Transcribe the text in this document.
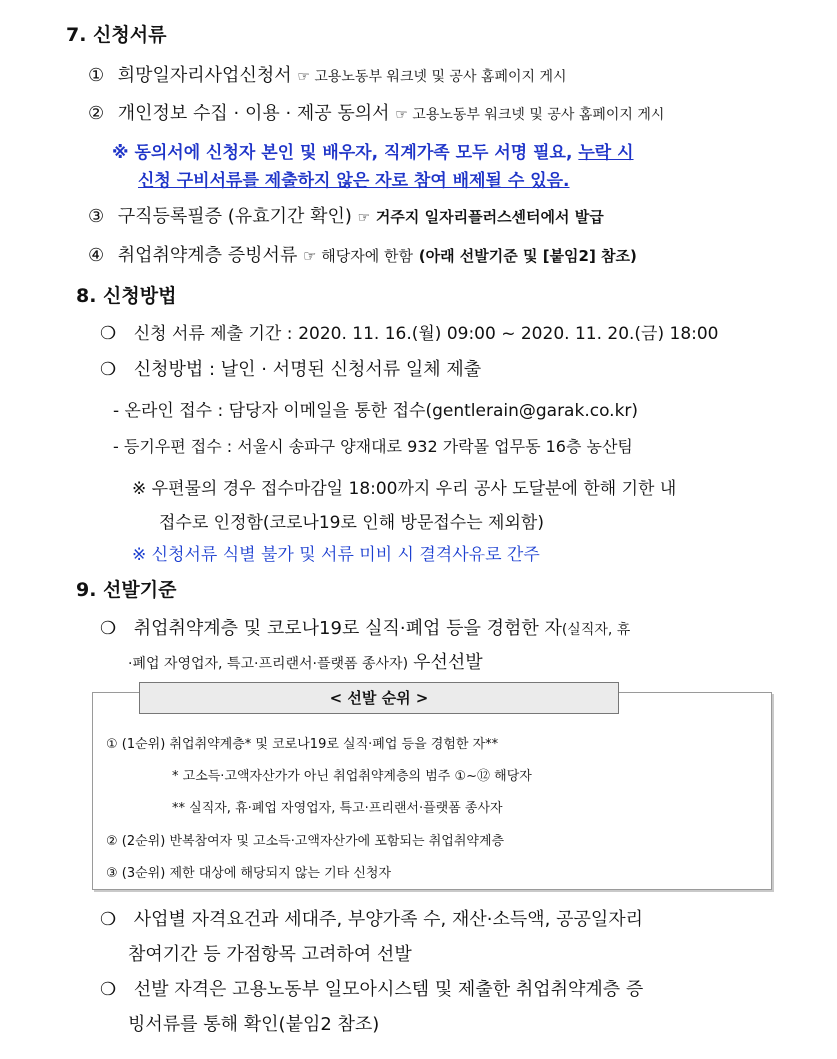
7. 신청서류
① 희망일자리사업신청서 ☞ 고용노동부 워크넷 및 공사 홈페이지 게시
② 개인정보 수집 · 이용 · 제공 동의서 ☞ 고용노동부 워크넷 및 공사 홈페이지 게시
※ 동의서에 신청자 본인 및 배우자, 직계가족 모두 서명 필요, 누락 시
신청 구비서류를 제출하지 않은 자로 참여 배제될 수 있음.
③ 구직등록필증 (유효기간 확인) ☞ 거주지 일자리플러스센터에서 발급
④ 취업취약계층 증빙서류 ☞ 해당자에 한함 (아래 선발기준 및 [붙임2] 참조)
8. 신청방법
❍ 신청 서류 제출 기간 : 2020. 11. 16.(월) 09:00 ~ 2020. 11. 20.(금) 18:00
❍ 신청방법 : 날인 · 서명된 신청서류 일체 제출
- 온라인 접수 : 담당자 이메일을 통한 접수(gentlerain@garak.co.kr)
- 등기우편 접수 : 서울시 송파구 양재대로 932 가락몰 업무동 16층 농산팀
※ 우편물의 경우 접수마감일 18:00까지 우리 공사 도달분에 한해 기한 내
접수로 인정함(코로나19로 인해 방문접수는 제외함)
※ 신청서류 식별 불가 및 서류 미비 시 결격사유로 간주
9. 선발기준
❍ 취업취약계층 및 코로나19로 실직·폐업 등을 경험한 자(실직자, 휴
·폐업 자영업자, 특고·프리랜서·플랫폼 종사자) 우선선발
< 선발 순위 >
① (1순위) 취업취약계층* 및 코로나19로 실직·폐업 등을 경험한 자**
* 고소득·고액자산가가 아닌 취업취약계층의 범주 ①~⑫ 해당자
** 실직자, 휴·폐업 자영업자, 특고·프리랜서·플랫폼 종사자
② (2순위) 반복참여자 및 고소득·고액자산가에 포함되는 취업취약계층
③ (3순위) 제한 대상에 해당되지 않는 기타 신청자
❍ 사업별 자격요건과 세대주, 부양가족 수, 재산·소득액, 공공일자리
참여기간 등 가점항목 고려하여 선발
❍ 선발 자격은 고용노동부 일모아시스템 및 제출한 취업취약계층 증
빙서류를 통해 확인(붙임2 참조)
